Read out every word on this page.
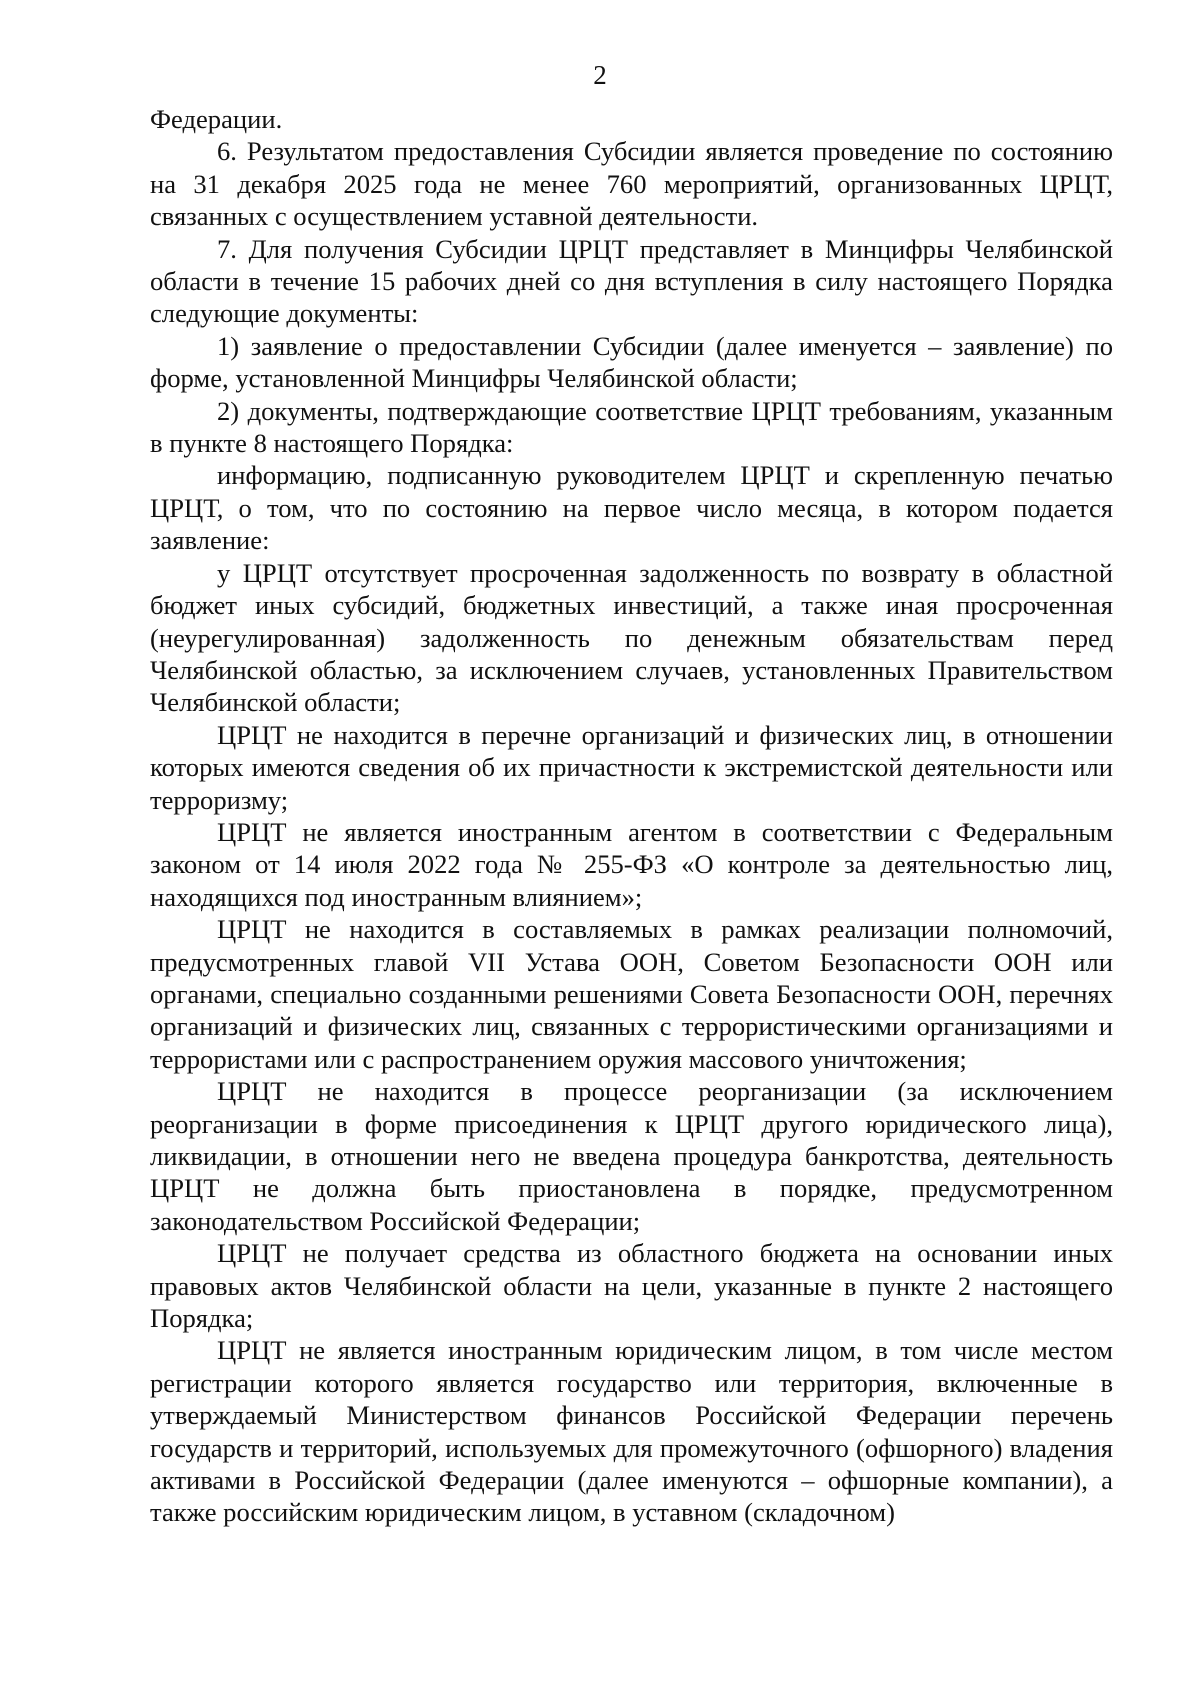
2

Федерации.

6. Результатом предоставления Субсидии является проведение по состоянию на 31 декабря 2025 года не менее 760 мероприятий, организованных ЦРЦТ, связанных с осуществлением уставной деятельности.

7. Для получения Субсидии ЦРЦТ представляет в Минцифры Челябинской области в течение 15 рабочих дней со дня вступления в силу настоящего Порядка следующие документы:

1) заявление о предоставлении Субсидии (далее именуется – заявление) по форме, установленной Минцифры Челябинской области;

2) документы, подтверждающие соответствие ЦРЦТ требованиям, указанным в пункте 8 настоящего Порядка:

информацию, подписанную руководителем ЦРЦТ и скрепленную печатью ЦРЦТ, о том, что по состоянию на первое число месяца, в котором подается заявление:

у ЦРЦТ отсутствует просроченная задолженность по возврату в областной бюджет иных субсидий, бюджетных инвестиций, а также иная просроченная (неурегулированная) задолженность по денежным обязательствам перед Челябинской областью, за исключением случаев, установленных Правительством Челябинской области;

ЦРЦТ не находится в перечне организаций и физических лиц, в отношении которых имеются сведения об их причастности к экстремистской деятельности или терроризму;

ЦРЦТ не является иностранным агентом в соответствии с Федеральным законом от 14 июля 2022 года № 255-ФЗ «О контроле за деятельностью лиц, находящихся под иностранным влиянием»;

ЦРЦТ не находится в составляемых в рамках реализации полномочий, предусмотренных главой VII Устава ООН, Советом Безопасности ООН или органами, специально созданными решениями Совета Безопасности ООН, перечнях организаций и физических лиц, связанных с террористическими организациями и террористами или с распространением оружия массового уничтожения;

ЦРЦТ не находится в процессе реорганизации (за исключением реорганизации в форме присоединения к ЦРЦТ другого юридического лица), ликвидации, в отношении него не введена процедура банкротства, деятельность ЦРЦТ не должна быть приостановлена в порядке, предусмотренном законодательством Российской Федерации;

ЦРЦТ не получает средства из областного бюджета на основании иных правовых актов Челябинской области на цели, указанные в пункте 2 настоящего Порядка;

ЦРЦТ не является иностранным юридическим лицом, в том числе местом регистрации которого является государство или территория, включенные в утверждаемый Министерством финансов Российской Федерации перечень государств и территорий, используемых для промежуточного (офшорного) владения активами в Российской Федерации (далее именуются – офшорные компании), а также российским юридическим лицом, в уставном (складочном)
